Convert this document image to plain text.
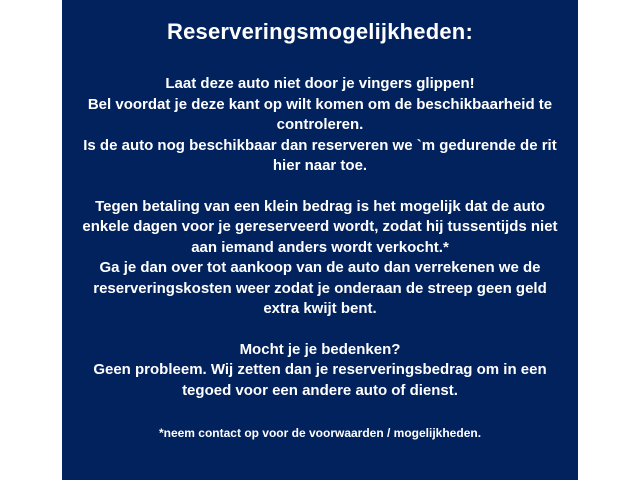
Reserveringsmogelijkheden:
Laat deze auto niet door je vingers glippen!
Bel voordat je deze kant op wilt komen om de beschikbaarheid te
controleren.
Is de auto nog beschikbaar dan reserveren we `m gedurende de rit
hier naar toe.
Tegen betaling van een klein bedrag is het mogelijk dat de auto
enkele dagen voor je gereserveerd wordt, zodat hij tussentijds niet
aan iemand anders wordt verkocht.*
Ga je dan over tot aankoop van de auto dan verrekenen we de
reserveringskosten weer zodat je onderaan de streep geen geld
extra kwijt bent.
Mocht je je bedenken?
Geen probleem. Wij zetten dan je reserveringsbedrag om in een
tegoed voor een andere auto of dienst.
*neem contact op voor de voorwaarden / mogelijkheden.
